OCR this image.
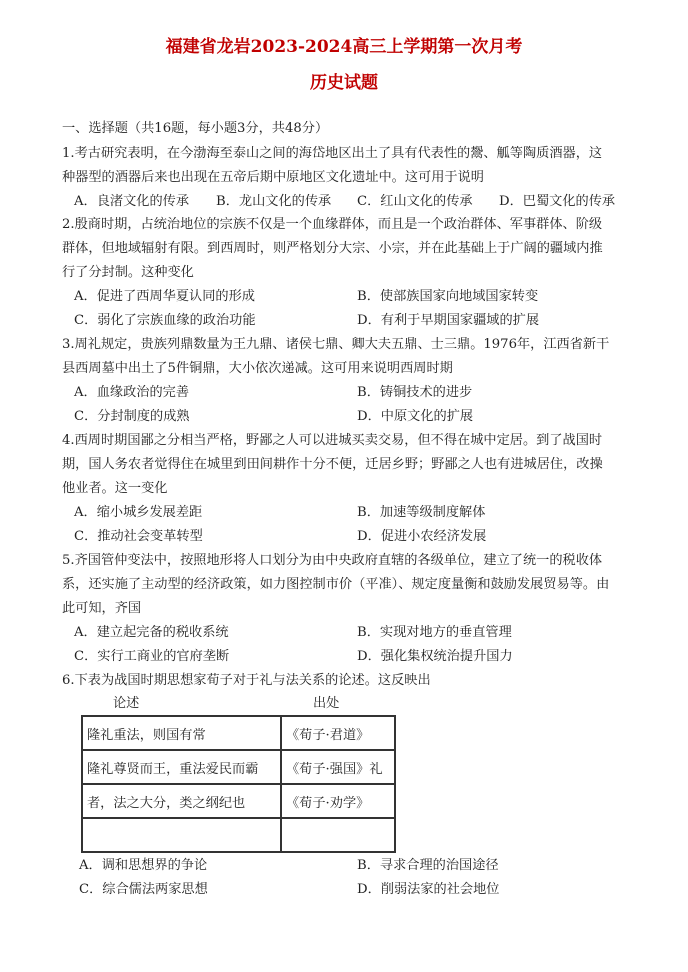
福建省龙岩2023-2024高三上学期第一次月考
历史试题
一、选择题（共16题，每小题3分，共48分）
1.考古研究表明，在今渤海至泰山之间的海岱地区出土了具有代表性的鬶、觚等陶质酒器，这
种器型的酒器后来也出现在五帝后期中原地区文化遗址中。这可用于说明
A．良渚文化的传承 B．龙山文化的传承 C．红山文化的传承 D．巴蜀文化的传承
2.殷商时期，占统治地位的宗族不仅是一个血缘群体，而且是一个政治群体、军事群体、阶级
群体，但地域辐射有限。到西周时，则严格划分大宗、小宗，并在此基础上于广阔的疆域内推
行了分封制。这种变化
A．促进了西周华夏认同的形成	B．使部族国家向地域国家转变
C．弱化了宗族血缘的政治功能	D．有利于早期国家疆域的扩展
3.周礼规定，贵族列鼎数量为王九鼎、诸侯七鼎、卿大夫五鼎、士三鼎。1976年，江西省新干
县西周墓中出土了5件铜鼎，大小依次递减。这可用来说明西周时期
A．血缘政治的完善	B．铸铜技术的进步
C．分封制度的成熟	D．中原文化的扩展
4.西周时期国鄙之分相当严格，野鄙之人可以进城买卖交易，但不得在城中定居。到了战国时
期，国人务农者觉得住在城里到田间耕作十分不便，迁居乡野；野鄙之人也有进城居住，改操
他业者。这一变化
A．缩小城乡发展差距	B．加速等级制度解体
C．推动社会变革转型	D．促进小农经济发展
5.齐国管仲变法中，按照地形将人口划分为由中央政府直辖的各级单位，建立了统一的税收体
系，还实施了主动型的经济政策，如力图控制市价（平准）、规定度量衡和鼓励发展贸易等。由
此可知，齐国
A．建立起完备的税收系统	B．实现对地方的垂直管理
C．实行工商业的官府垄断	D．强化集权统治提升国力
6.下表为战国时期思想家荀子对于礼与法关系的论述。这反映出
论述	出处
隆礼重法，则国有常	《荀子·君道》
隆礼尊贤而王，重法爱民而霸	《荀子·强国》礼
者，法之大分，类之纲纪也	《荀子·劝学》

A．调和思想界的争论	B．寻求合理的治国途径
C．综合儒法两家思想	D．削弱法家的社会地位
